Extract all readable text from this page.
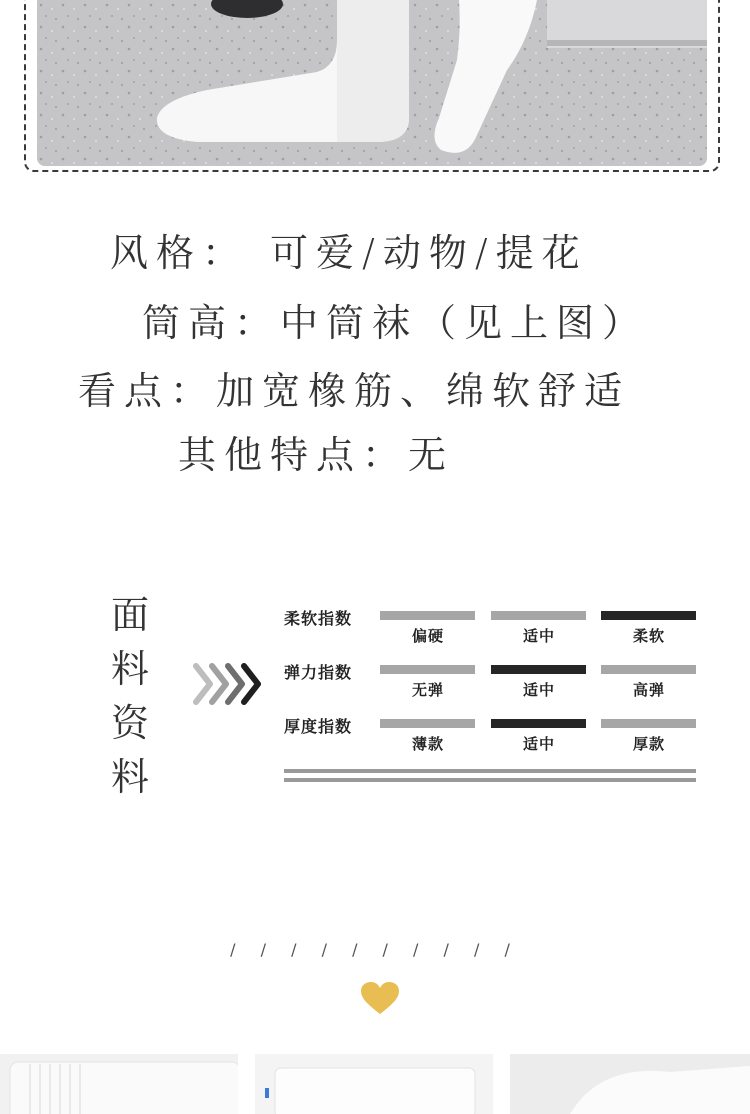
风格： 可爱/动物/提花
筒高：中筒袜（见上图）
看点：加宽橡筋、绵软舒适
其他特点：无
面
料
资
料
柔软指数
偏硬	适中	柔软
弹力指数
无弹	适中	高弹
厚度指数
薄款	适中	厚款
/ / / / / / / / / /
